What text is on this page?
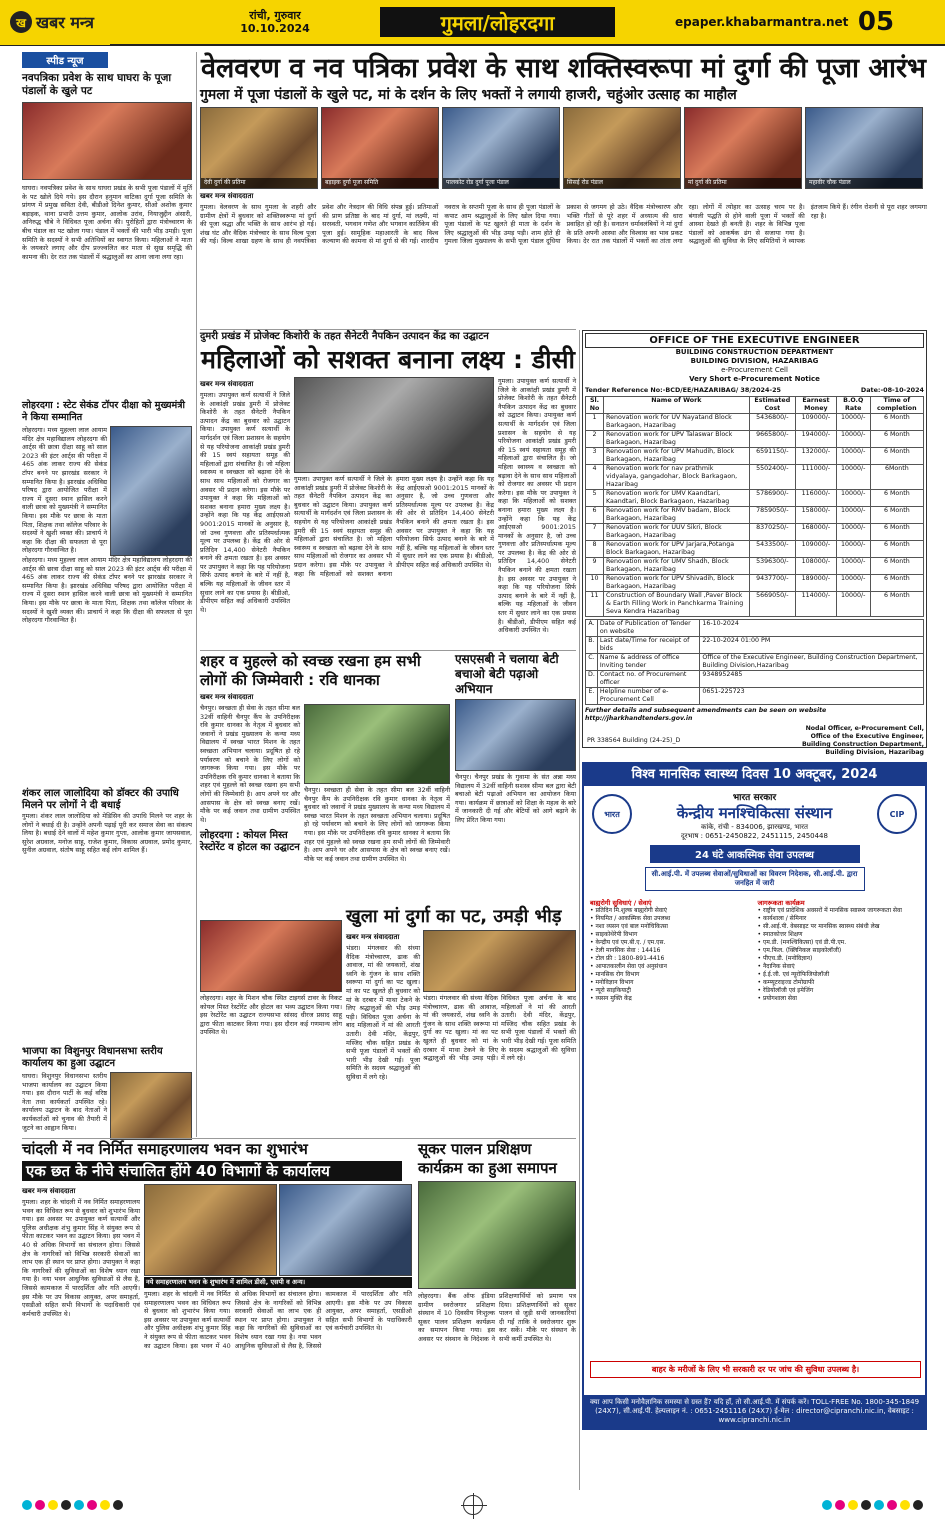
ख खबर मन्त्र	रांची, गुरुवार
10.10.2024	गुमला/लोहरदगा	epaper.khabarmantra.net 05
स्पीड न्यूज
नवपत्रिका प्रवेश के साथ घाघरा के पूजा पंडालों के खुले पट
घाघरा। नवपत्रिका प्रवेश के साथ घाघरा प्रखंड के सभी पूजा पंडालों में मूर्ति के पट खोले दिये गये। इस दौरान हनुमान वाटिका दुर्गा पूजा समिति के प्रांगण में प्रमुख सविता देवी, बीडीओ दिनेश कुमार, सीओ अशोक कुमार बड़ाइक, थाना प्रभारी उत्तम कुमार, आलोक उरांव, नियाजुद्दीन अंसारी, अनिरुद्ध चौबे ने विधिवत पूजा अर्चना की। पुरोहितों द्वारा मंत्रोच्चारण के बीच पंडाल का पट खोला गया। पंडाल में भक्तों की भारी भीड़ उमड़ी। पूजा समिति के सदस्यों ने सभी अतिथियों का स्वागत किया। महिलाओं ने माता के जयकारे लगाए और दीप प्रज्ज्वलित कर माता से सुख समृद्धि की कामना की। देर रात तक पंडालों में श्रद्धालुओं का आना जाना लगा रहा।
लोहरदगा : स्टेट सेकंड टॉपर दीक्षा को मुख्यमंत्री ने किया सम्मानित
लोहरदगा। मध्य मुहल्ला लाल आयाम मंदिर क्षेत्र महाविद्यालय लोहरदगा की आर्ट्स की छात्रा दीक्षा साहू को साल 2023 की इंटर आर्ट्स की परीक्षा में 465 अंक लाकर राज्य की सेकंड टॉपर बनने पर झारखंड सरकार ने सम्मानित किया है। झारखंड अधिविद्य परिषद द्वारा आयोजित परीक्षा में राज्य में दूसरा स्थान हासिल करने वाली छात्रा को मुख्यमंत्री ने सम्मानित किया। इस मौके पर छात्रा के माता पिता, शिक्षक तथा कॉलेज परिवार के सदस्यों ने खुशी व्यक्त की। प्राचार्य ने कहा कि दीक्षा की सफलता से पूरा लोहरदगा गौरवान्वित है।
लोहरदगा। मध्य मुहल्ला लाल आयाम मंदिर क्षेत्र महाविद्यालय लोहरदगा की आर्ट्स की छात्रा दीक्षा साहू को साल 2023 की इंटर आर्ट्स की परीक्षा में 465 अंक लाकर राज्य की सेकंड टॉपर बनने पर झारखंड सरकार ने सम्मानित किया है। झारखंड अधिविद्य परिषद द्वारा आयोजित परीक्षा में राज्य में दूसरा स्थान हासिल करने वाली छात्रा को मुख्यमंत्री ने सम्मानित किया। इस मौके पर छात्रा के माता पिता, शिक्षक तथा कॉलेज परिवार के सदस्यों ने खुशी व्यक्त की। प्राचार्य ने कहा कि दीक्षा की सफलता से पूरा लोहरदगा गौरवान्वित है।
शंकर लाल जालोदिया को डॉक्टर की उपाधि मिलने पर लोगों ने दी बधाई
गुमला। शंकर लाल जालोदिया को मेडिसिन की उपाधि मिलने पर शहर के लोगों ने बधाई दी है। उन्होंने अपनी पढ़ाई पूरी कर समाज सेवा का संकल्प लिया है। बधाई देने वालों में महेश कुमार गुप्ता, आलोक कुमार जायसवाल, सुरेश अग्रवाल, मनोज साहू, राजेश कुमार, विकास अग्रवाल, प्रमोद कुमार, सुनील अग्रवाल, संतोष साहू सहित कई लोग शामिल हैं।
भाजपा का विशुनपुर विधानसभा स्तरीय कार्यालय का हुआ उद्घाटन
घाघरा। विशुनपुर विधानसभा स्तरीय भाजपा कार्यालय का उद्घाटन किया गया। इस दौरान पार्टी के कई वरिष्ठ नेता तथा कार्यकर्ता उपस्थित रहे। कार्यालय उद्घाटन के बाद नेताओं ने कार्यकर्ताओं को चुनाव की तैयारी में जुटने का आह्वान किया।
वेलवरण व नव पत्रिका प्रवेश के साथ शक्तिस्वरूपा मां दुर्गा की पूजा आरंभ
गुमला में पूजा पंडालों के खुले पट, मां के दर्शन के लिए भक्तों ने लगायी हाजरी, चहुंओर उत्साह का माहौल
देवी दुर्गा की प्रतिमा	बड़ाइक दुर्गा पूजा समिति	पालकोट रोड दुर्गा पूजा पंडाल	सिसई रोड पंडाल	मां दुर्गा की प्रतिमा	महावीर चौक पंडाल
खबर मन्त्र संवाददाता
गुमला। वेलवरण के साथ गुमला के शहरी और ग्रामीण क्षेत्रों में बुधवार को शक्तिस्वरूपा मां दुर्गा की पूजा श्रद्धा और भक्ति के साथ आरंभ हो गई। शंख घंट और वैदिक मंत्रोच्चार के साथ विल्व पूजा की गई। विल्व शाखा ग्रहण के साथ ही नवपत्रिका प्रवेश और नेत्रदान की विधि संपन्न हुई। प्रतिमाओं की प्राण प्रतिष्ठा के बाद मां दुर्गा, मां लक्ष्मी, मां सरस्वती, भगवान गणेश और भगवान कार्तिकेय की पूजा हुई। सामूहिक महाआरती के बाद विश्व कल्याण की कामना से मां दुर्गा से की गई। शारदीय नवरात्र के सप्तमी पूजा के साथ ही पूजा पंडालों के कपाट आम श्रद्धालुओं के लिए खोल दिया गया। पूजा पंडालों के पट खुलते ही माता के दर्शन के लिए श्रद्धालुओं की भीड़ उमड़ पड़ी। शाम होते ही गुमला जिला मुख्यालय के सभी पूजा पंडाल दूधिया प्रकाश से जगमग हो उठे। वैदिक मंत्रोच्चारण और भक्ति गीतों से पूरे शहर में अध्यात्म की धारा प्रवाहित हो रही है। सनातन धर्मावलंबियों ने मां दुर्गा के प्रति अपनी आस्था और विश्वास का भाव प्रकट किया। देर रात तक पंडालों में भक्तों का तांता लगा रहा। लोगों में त्योहार का उत्साह चरम पर है। बंगाली पद्धति से होने वाली पूजा में भक्तों की आस्था देखते ही बनती है। शहर के विभिन्न पूजा पंडालों को आकर्षक ढंग से सजाया गया है। श्रद्धालुओं की सुविधा के लिए समितियों ने व्यापक इंतजाम किये हैं। रंगीन रोशनी से पूरा शहर जगमगा रहा है।
दुमरी प्रखंड में प्रोजेक्ट किशोरी के तहत सैनेटरी नैपकिन उत्पादन केंद्र का उद्घाटन
महिलाओं को सशक्त बनाना लक्ष्य : डीसी
खबर मन्त्र संवाददाता
गुमला। उपायुक्त कर्ण सत्यार्थी ने जिले के आकांक्षी प्रखंड डुमरी में प्रोजेक्ट किशोरी के तहत सैनेटरी नैपकिन उत्पादन केंद्र का बुधवार को उद्घाटन किया। उपायुक्त कर्ण सत्यार्थी के मार्गदर्शन एवं जिला प्रशासन के सहयोग से यह परियोजना आकांक्षी प्रखंड डुमरी की 15 स्वयं सहायता समूह की महिलाओं द्वारा संचालित है। जो महिला स्वास्थ्य व स्वच्छता को बढ़ावा देने के साथ साथ महिलाओं को रोजगार का अवसर भी प्रदान करेगा। इस मौके पर उपायुक्त ने कहा कि महिलाओं को सशक्त बनाना हमारा मुख्य लक्ष्य है। उन्होंने कहा कि यह केंद्र आईएसओ 9001:2015 मानकों के अनुसार है, जो उच्च गुणवत्ता और प्रतिस्पर्धात्मक मूल्य पर उपलब्ध है। केंद्र की ओर से प्रतिदिन 14,400 सेनेटरी नैपकिन बनाने की क्षमता रखता है। इस अवसर पर उपायुक्त ने कहा कि यह परियोजना सिर्फ उत्पाद बनाने के बारे में नहीं है, बल्कि यह महिलाओं के जीवन स्तर में सुधार लाने का एक प्रयास है। बीडीओ, डीपीएम सहित कई अधिकारी उपस्थित थे।
गुमला। उपायुक्त कर्ण सत्यार्थी ने जिले के आकांक्षी प्रखंड डुमरी में प्रोजेक्ट किशोरी के तहत सैनेटरी नैपकिन उत्पादन केंद्र का बुधवार को उद्घाटन किया। उपायुक्त कर्ण सत्यार्थी के मार्गदर्शन एवं जिला प्रशासन के सहयोग से यह परियोजना आकांक्षी प्रखंड डुमरी की 15 स्वयं सहायता समूह की महिलाओं द्वारा संचालित है। जो महिला स्वास्थ्य व स्वच्छता को बढ़ावा देने के साथ साथ महिलाओं को रोजगार का अवसर भी प्रदान करेगा। इस मौके पर उपायुक्त ने कहा कि महिलाओं को सशक्त बनाना हमारा मुख्य लक्ष्य है। उन्होंने कहा कि यह केंद्र आईएसओ 9001:2015 मानकों के अनुसार है, जो उच्च गुणवत्ता और प्रतिस्पर्धात्मक मूल्य पर उपलब्ध है। केंद्र की ओर से प्रतिदिन 14,400 सेनेटरी नैपकिन बनाने की क्षमता रखता है। इस अवसर पर उपायुक्त ने कहा कि यह परियोजना सिर्फ उत्पाद बनाने के बारे में नहीं है, बल्कि यह महिलाओं के जीवन स्तर में सुधार लाने का एक प्रयास है। बीडीओ, डीपीएम सहित कई अधिकारी उपस्थित थे।
गुमला। उपायुक्त कर्ण सत्यार्थी ने जिले के आकांक्षी प्रखंड डुमरी में प्रोजेक्ट किशोरी के तहत सैनेटरी नैपकिन उत्पादन केंद्र का बुधवार को उद्घाटन किया। उपायुक्त कर्ण सत्यार्थी के मार्गदर्शन एवं जिला प्रशासन के सहयोग से यह परियोजना आकांक्षी प्रखंड डुमरी की 15 स्वयं सहायता समूह की महिलाओं द्वारा संचालित है। जो महिला स्वास्थ्य व स्वच्छता को बढ़ावा देने के साथ साथ महिलाओं को रोजगार का अवसर भी प्रदान करेगा। इस मौके पर उपायुक्त ने कहा कि महिलाओं को सशक्त बनाना हमारा मुख्य लक्ष्य है। उन्होंने कहा कि यह केंद्र आईएसओ 9001:2015 मानकों के अनुसार है, जो उच्च गुणवत्ता और प्रतिस्पर्धात्मक मूल्य पर उपलब्ध है। केंद्र की ओर से प्रतिदिन 14,400 सेनेटरी नैपकिन बनाने की क्षमता रखता है। इस अवसर पर उपायुक्त ने कहा कि यह परियोजना सिर्फ उत्पाद बनाने के बारे में नहीं है, बल्कि यह महिलाओं के जीवन स्तर में सुधार लाने का एक प्रयास है। बीडीओ, डीपीएम सहित कई अधिकारी उपस्थित थे।
शहर व मुहल्ले को स्वच्छ रखना हम सभी लोगों की जिम्मेवारी : रवि धानका
खबर मन्त्र संवाददाता
चैनपुर। स्वच्छता ही सेवा के तहत सीमा बल 32वीं वाहिनी चैनपुर कैंप के उपनिरीक्षक रवि कुमार धानका के नेतृत्व में बुधवार को जवानों ने प्रखंड मुख्यालय के कन्या मध्य विद्यालय में स्वच्छ भारत मिशन के तहत स्वच्छता अभियान चलाया। प्रदूषित हो रहे पर्यावरण को बचाने के लिए लोगों को जागरूक किया गया। इस मौके पर उपनिरीक्षक रवि कुमार धानका ने बताया कि शहर एवं मुहल्ले को स्वच्छ रखना हम सभी लोगों की जिम्मेवारी है। आप अपने घर और आसपास के क्षेत्र को स्वच्छ बनाए रखें। मौके पर कई जवान तथा ग्रामीण उपस्थित थे।
चैनपुर। स्वच्छता ही सेवा के तहत सीमा बल 32वीं वाहिनी चैनपुर कैंप के उपनिरीक्षक रवि कुमार धानका के नेतृत्व में बुधवार को जवानों ने प्रखंड मुख्यालय के कन्या मध्य विद्यालय में स्वच्छ भारत मिशन के तहत स्वच्छता अभियान चलाया। प्रदूषित हो रहे पर्यावरण को बचाने के लिए लोगों को जागरूक किया गया। इस मौके पर उपनिरीक्षक रवि कुमार धानका ने बताया कि शहर एवं मुहल्ले को स्वच्छ रखना हम सभी लोगों की जिम्मेवारी है। आप अपने घर और आसपास के क्षेत्र को स्वच्छ बनाए रखें। मौके पर कई जवान तथा ग्रामीण उपस्थित थे।
लोहरदगा : कोयल मिस्त रेस्टोरेंट व होटल का उद्घाटन
लोहरदगा। शहर के मिशन चौक स्थित टाइगर्स टावर के निकट कोयल मिस्त रेस्टोरेंट और होटल का भव्य उद्घाटन किया गया। इस रेस्टोरेंट का उद्घाटन राज्यसभा सांसद धीरज प्रसाद साहू द्वारा फीता काटकर किया गया। इस दौरान कई गणमान्य लोग उपस्थित थे।
एसएसबी ने चलाया बेटी बचाओ बेटी पढ़ाओ अभियान
चैनपुर। चैनपुर प्रखंड के गुवामा के संत अन्ना मध्य विद्यालय में 32वीं वाहिनी सशस्त्र सीमा बल द्वारा बेटी बचाओ बेटी पढ़ाओ अभियान का आयोजन किया गया। कार्यक्रम में छात्राओं को शिक्षा के महत्व के बारे में जानकारी दी गई और बेटियों को आगे बढ़ाने के लिए प्रेरित किया गया।
खुला मां दुर्गा का पट, उमड़ी भीड़
खबर मन्त्र संवाददाता
भंडरा। मंगलवार की संध्या वैदिक मंत्रोच्चारण, ढाक की आवाज, मां की जयकारों, शंख ध्वनि के गुंजन के साथ शक्ति स्वरूपा मां दुर्गा का पट खुला। मां का पट खुलते ही बुधवार को मां के दरबार में माथा टेकने के लिए श्रद्धालुओं की भीड़ उमड़ पड़ी। विधिवत पूजा अर्चना के बाद महिलाओं ने मां की आरती उतारी। देवी मंदिर, केंद्रपुर, मस्जिद चौक सहित प्रखंड के सभी पूजा पंडालों में भक्तों की भारी भीड़ देखी गई। पूजा समिति के सदस्य श्रद्धालुओं की सुविधा में लगे रहे।
भंडरा। मंगलवार की संध्या वैदिक मंत्रोच्चारण, ढाक की आवाज, मां की जयकारों, शंख ध्वनि के गुंजन के साथ शक्ति स्वरूपा मां दुर्गा का पट खुला। मां का पट खुलते ही बुधवार को मां के दरबार में माथा टेकने के लिए श्रद्धालुओं की भीड़ उमड़ पड़ी। विधिवत पूजा अर्चना के बाद महिलाओं ने मां की आरती उतारी। देवी मंदिर, केंद्रपुर, मस्जिद चौक सहित प्रखंड के सभी पूजा पंडालों में भक्तों की भारी भीड़ देखी गई। पूजा समिति के सदस्य श्रद्धालुओं की सुविधा में लगे रहे।
चांदली में नव निर्मित समाहरणालय भवन का शुभारंभ
एक छत के नीचे संचालित होंगे 40 विभागों के कार्यालय
खबर मन्त्र संवाददाता
गुमला। शहर के चांदली में नव निर्मित समाहरणालय भवन का विधिवत रूप से बुधवार को शुभारंभ किया गया। इस अवसर पर उपायुक्त कर्ण सत्यार्थी और पुलिस अधीक्षक शंभु कुमार सिंह ने संयुक्त रूप से फीता काटकर भवन का उद्घाटन किया। इस भवन में 40 से अधिक विभागों का संचालन होगा। जिससे क्षेत्र के नागरिकों को विभिन्न सरकारी सेवाओं का लाभ एक ही स्थान पर प्राप्त होगा। उपायुक्त ने कहा कि नागरिकों की सुविधाओं का विशेष ध्यान रखा गया है। नया भवन आधुनिक सुविधाओं से लैस है, जिससे कामकाज में पारदर्शिता और गति आएगी। इस मौके पर उप विकास आयुक्त, अपर समाहर्ता, एसडीओ सहित सभी विभागों के पदाधिकारी एवं कर्मचारी उपस्थित थे।
नये समाहरणालय भवन के शुभारंभ में शामिल डीसी, एसपी व अन्य।
गुमला। शहर के चांदली में नव निर्मित समाहरणालय भवन का विधिवत रूप से बुधवार को शुभारंभ किया गया। इस अवसर पर उपायुक्त कर्ण सत्यार्थी और पुलिस अधीक्षक शंभु कुमार सिंह ने संयुक्त रूप से फीता काटकर भवन का उद्घाटन किया। इस भवन में 40 से अधिक विभागों का संचालन होगा। जिससे क्षेत्र के नागरिकों को विभिन्न सरकारी सेवाओं का लाभ एक ही स्थान पर प्राप्त होगा। उपायुक्त ने कहा कि नागरिकों की सुविधाओं का विशेष ध्यान रखा गया है। नया भवन आधुनिक सुविधाओं से लैस है, जिससे कामकाज में पारदर्शिता और गति आएगी। इस मौके पर उप विकास आयुक्त, अपर समाहर्ता, एसडीओ सहित सभी विभागों के पदाधिकारी एवं कर्मचारी उपस्थित थे।
सूकर पालन प्रशिक्षण कार्यक्रम का हुआ समापन
लोहरदगा। बैंक ऑफ इंडिया ग्रामीण स्वरोजगार प्रशिक्षण संस्थान में 10 दिवसीय निःशुल्क सूकर पालन प्रशिक्षण कार्यक्रम का समापन किया गया। इस अवसर पर संस्थान के निदेशक ने प्रशिक्षणार्थियों को प्रमाण पत्र दिया। प्रशिक्षणार्थियों को सूकर पालन से जुड़ी सभी जानकारियां दी गईं ताकि वे स्वरोजगार शुरू कर सकें। मौके पर संस्थान के सभी कर्मी उपस्थित थे।
OFFICE OF THE EXECUTIVE ENGINEER
BUILDING CONSTRUCTION DEPARTMENT
BUILDING DIVISION, HAZARIBAG
e-Procurement Cell
Very Short e-Procurement Notice
Tender Reference No:-BCD/EE/HAZARIBAG/ 38/2024-25	Date:-08-10-2024
Sl. No	Name of Work	Estimated Cost	Earnest Money	B.O.Q Rate	Time of completion
1	Renovation work for UV Nayatand Block Barkagaon, Hazaribag	5436800/-	109000/-	10000/-	6 Month
2	Renovation work for UPV Talaswar Block Barkagaon, Hazaribag	9665800/-	194000/-	10000/-	6 Month
3	Renovation work for UPV Mahudih, Block Barkagaon, Hazaribag	6591150/-	132000/-	10000/-	6 Month
4	Renovation work for nav prathmik vidyalaya, gangadohar, Block Barkagaon, Hazaribag	5502400/-	111000/-	10000/-	6Month
5	Renovation work for UMV Kaandtari, Kaandtari, Block Barkagaon, Hazaribag	5786900/-	116000/-	10000/-	6 Month
6	Renovation work for RMV badam, Block Barkagaon, Hazaribag	7859050/-	158000/-	10000/-	6 Month
7	Renovation work for UUV Sikri, Block Barkagaon, Hazaribag	8370250/-	168000/-	10000/-	6 Month
8	Renovation work for UPV Jarjara,Potanga Block Barkagaon, Hazaribag	5433500/-	109000/-	10000/-	6 Month
9	Renovation work for UMV Shadh, Block Barkagaon, Hazaribag	5396300/-	108000/-	10000/-	6 Month
10	Renovation work for UPV Shivadih, Block Barkagaon, Hazaribag	9437700/-	189000/-	10000/-	6 Month
11	Construction of Boundary Wall ,Paver Block & Earth Filling Work in Panchkarma Training Seva Kendra Hazaribag	5669050/-	114000/-	10000/-	6 Month
A.	Date of Publication of Tender on website	16-10-2024
B.	Last date/Time for receipt of bids	22-10-2024 01:00 PM
C.	Name & address of office Inviting tender	Office of the Executive Engineer, Building Construction Department, Building Division,Hazaribag
D.	Contact no. of Procurement officer	9348952485
E.	Helpline number of e-Procurement Cell	0651-225723
Further details and subsequent amendments can be seen on website http://jharkhandtenders.gov.in
Nodal Officer, e-Procurement Cell,
Office of the Executive Engineer,
Building Construction Department,
Building Division, Hazaribag
PR 338564 Building (24-25)_D
विश्व मानसिक स्वास्थ्य दिवस 10 अक्टूबर, 2024
भारत	CIP
भारत सरकार
केन्द्रीय मनश्चिकित्सा संस्थान
कांके, रांची - 834006, झारखण्ड, भारत
दूरभाष : 0651-2450822, 2451115, 2450448
24 घंटे आकस्मिक सेवा उपलब्ध
सी.आई.पी. में उपलब्ध सेवाओं/सुविधाओं का विवरण निदेशक, सी.आई.पी. द्वारा जनहित में जारी
बाह्यरोगी सुविधाएं / सेवाएं
• प्रतिदिन मि.शुल्क बाह्यरोगी सेवाएं
• नियमित / आकस्मिक सेवा उपलब्ध
• नशा व्यसन एवं बाल मनोचिकित्सा
• साइकोथेरेपी विभाग
• केन्द्रीय एवं एम.बी.ए. / एम.एस.
• टेली मानसिक सेवा : 14416
• टोल फ्री : 1800-891-4416
• आपातकालीन सेवा एवं अनुसंधान
• मानसिक रोग विभाग
• मनोविज्ञान विभाग
• न्यूरो साइकियाट्री
• व्यसन मुक्ति केंद्र
जागरूकता कार्यक्रम
• राष्ट्रीय एवं प्रादेशिक अवसरों में मानसिक स्वास्थ्य जागरूकता सेवा
• कार्यशाला / सेमिनार
• सी.आई.पी. वेबसाइट पर मानसिक स्वास्थ्य संबंधी लेख
• स्नातकोत्तर शिक्षण
• एम.डी. (मनश्चिकित्सा) एवं डी.पी.एम.
• एम.फिल. (क्लिनिकल साइकोलॉजी)
• पीएच.डी. (मनोविज्ञान)
• नैदानिक सेवाएं
• ई.ई.जी. एवं न्यूरोफिजियोलॉजी
• कम्प्यूटराइज्ड टोमोग्राफी
• रेडियोलॉजी एवं इमेजिंग
• प्रयोगशाला सेवा
बाहर के मरीजों के लिए भी सरकारी दर पर जांच की सुविधा उपलब्ध है।
क्या आप किसी मनोवैज्ञानिक समस्या से ग्रस्त हैं? यदि हाँ, तो सी.आई.पी. में संपर्क करें। TOLL-FREE No. 1800-345-1849 (24X7), सी.आई.पी. हेल्पलाइन नं. : 0651-2451116 (24X7) ई-मेल : director@cipranchi.nic.in, वेबसाइट : www.cipranchi.nic.in
